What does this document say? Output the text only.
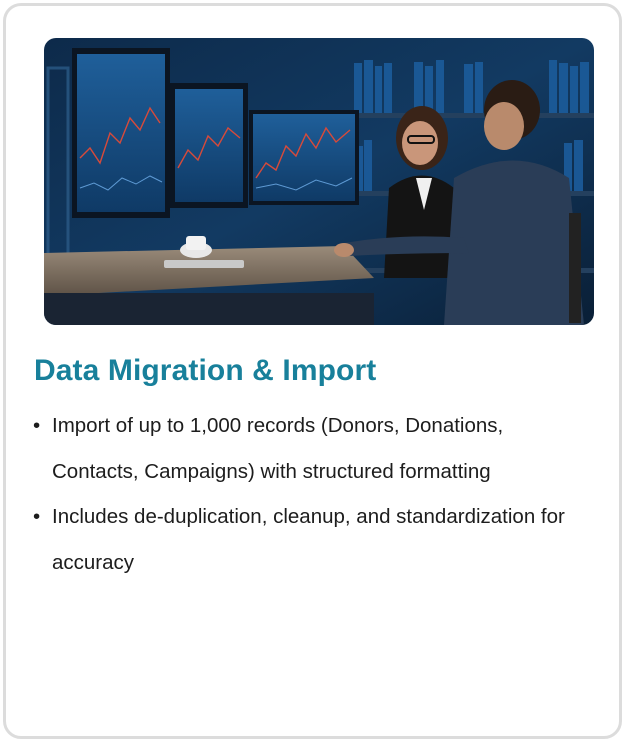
Data Migration & Import
• Import of up to 1,000 records (Donors, Donations, Contacts, Campaigns) with structured formatting
• Includes de-duplication, cleanup, and standardization for accuracy
